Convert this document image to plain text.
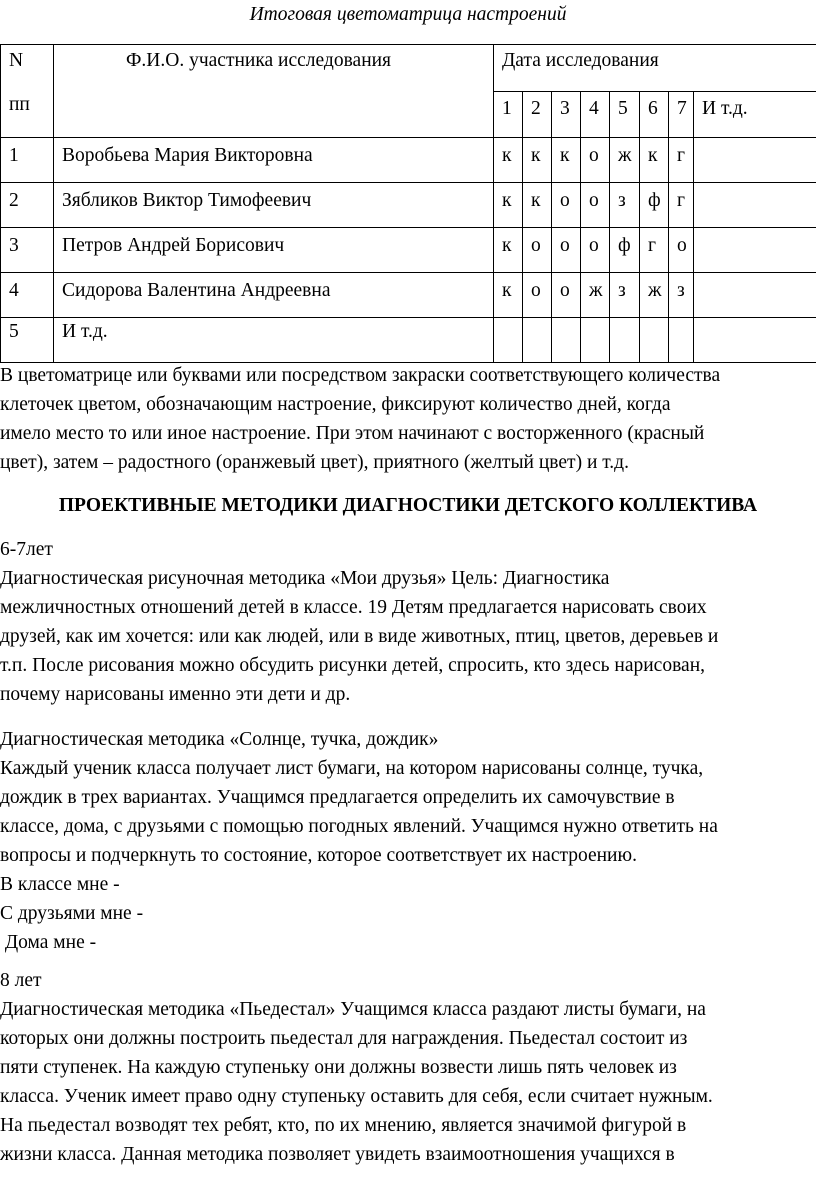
Итоговая цветоматрица настроений
N
пп	Ф.И.О. участника исследования	Дата исследования							
		1	2	3	4	5	6	7	И т.д.
1	Воробьева Мария Викторовна	к	к	к	о	ж	к	г	
2	Зябликов Виктор Тимофеевич	к	к	о	о	з	ф	г	
3	Петров Андрей Борисович	к	о	о	о	ф	г	о	
4	Сидорова Валентина Андреевна	к	о	о	ж	з	ж	з	
5	И т.д.								

В цветоматрице или буквами или посредством закраски соответствующего количества

клеточек цветом, обозначающим настроение, фиксируют количество дней, когда

имело место то или иное настроение. При этом начинают с восторженного (красный

цвет), затем – радостного (оранжевый цвет), приятного (желтый цвет) и т.д.

ПРОЕКТИВНЫЕ МЕТОДИКИ ДИАГНОСТИКИ ДЕТСКОГО КОЛЛЕКТИВА

6-7лет

Диагностическая рисуночная методика «Мои друзья» Цель: Диагностика

межличностных отношений детей в классе. 19 Детям предлагается нарисовать своих

друзей, как им хочется: или как людей, или в виде животных, птиц, цветов, деревьев и

т.п. После рисования можно обсудить рисунки детей, спросить, кто здесь нарисован,

почему нарисованы именно эти дети и др.

Диагностическая методика «Солнце, тучка, дождик»

Каждый ученик класса получает лист бумаги, на котором нарисованы солнце, тучка,

дождик в трех вариантах. Учащимся предлагается определить их самочувствие в

классе, дома, с друзьями с помощью погодных явлений. Учащимся нужно ответить на

вопросы и подчеркнуть то состояние, которое соответствует их настроению.

В классе мне -

С друзьями мне -

Дома мне -

8 лет

Диагностическая методика «Пьедестал» Учащимся класса раздают листы бумаги, на

которых они должны построить пьедестал для награждения. Пьедестал состоит из

пяти ступенек. На каждую ступеньку они должны возвести лишь пять человек из

класса. Ученик имеет право одну ступеньку оставить для себя, если считает нужным.

На пьедестал возводят тех ребят, кто, по их мнению, является значимой фигурой в

жизни класса. Данная методика позволяет увидеть взаимоотношения учащихся в
